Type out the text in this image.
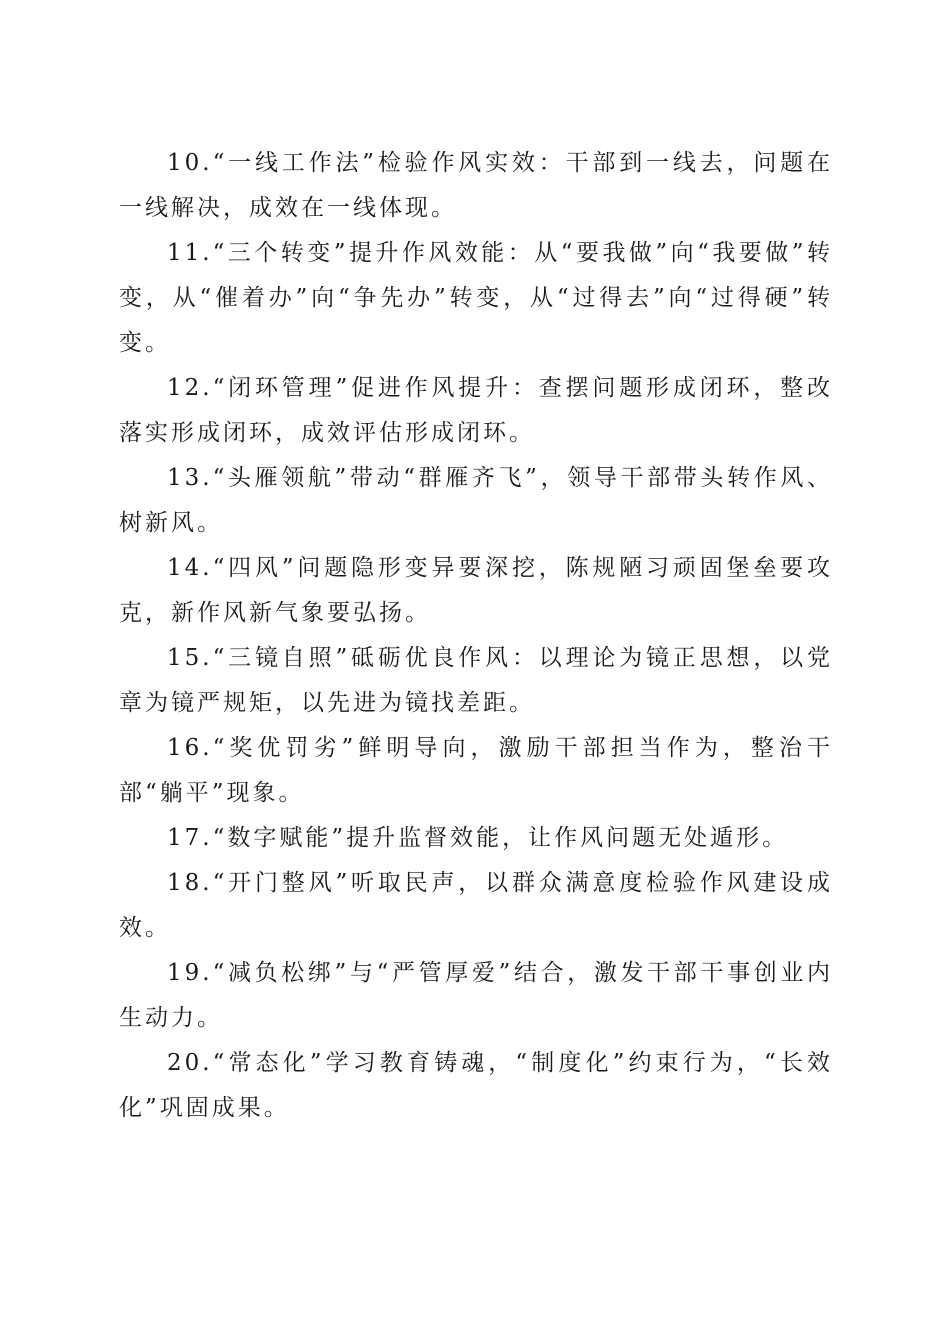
10.“一线工作法”检验作风实效：干部到一线去，问题在一线解决，成效在一线体现。

11.“三个转变”提升作风效能：从“要我做”向“我要做”转变，从“催着办”向“争先办”转变，从“过得去”向“过得硬”转变。

12.“闭环管理”促进作风提升：查摆问题形成闭环，整改落实形成闭环，成效评估形成闭环。

13.“头雁领航”带动“群雁齐飞”，领导干部带头转作风、树新风。

14.“四风”问题隐形变异要深挖，陈规陋习顽固堡垒要攻克，新作风新气象要弘扬。

15.“三镜自照”砥砺优良作风：以理论为镜正思想，以党章为镜严规矩，以先进为镜找差距。

16.“奖优罚劣”鲜明导向，激励干部担当作为，整治干部“躺平”现象。

17.“数字赋能”提升监督效能，让作风问题无处遁形。

18.“开门整风”听取民声，以群众满意度检验作风建设成效。

19.“减负松绑”与“严管厚爱”结合，激发干部干事创业内生动力。

20.“常态化”学习教育铸魂，“制度化”约束行为，“长效化”巩固成果。
